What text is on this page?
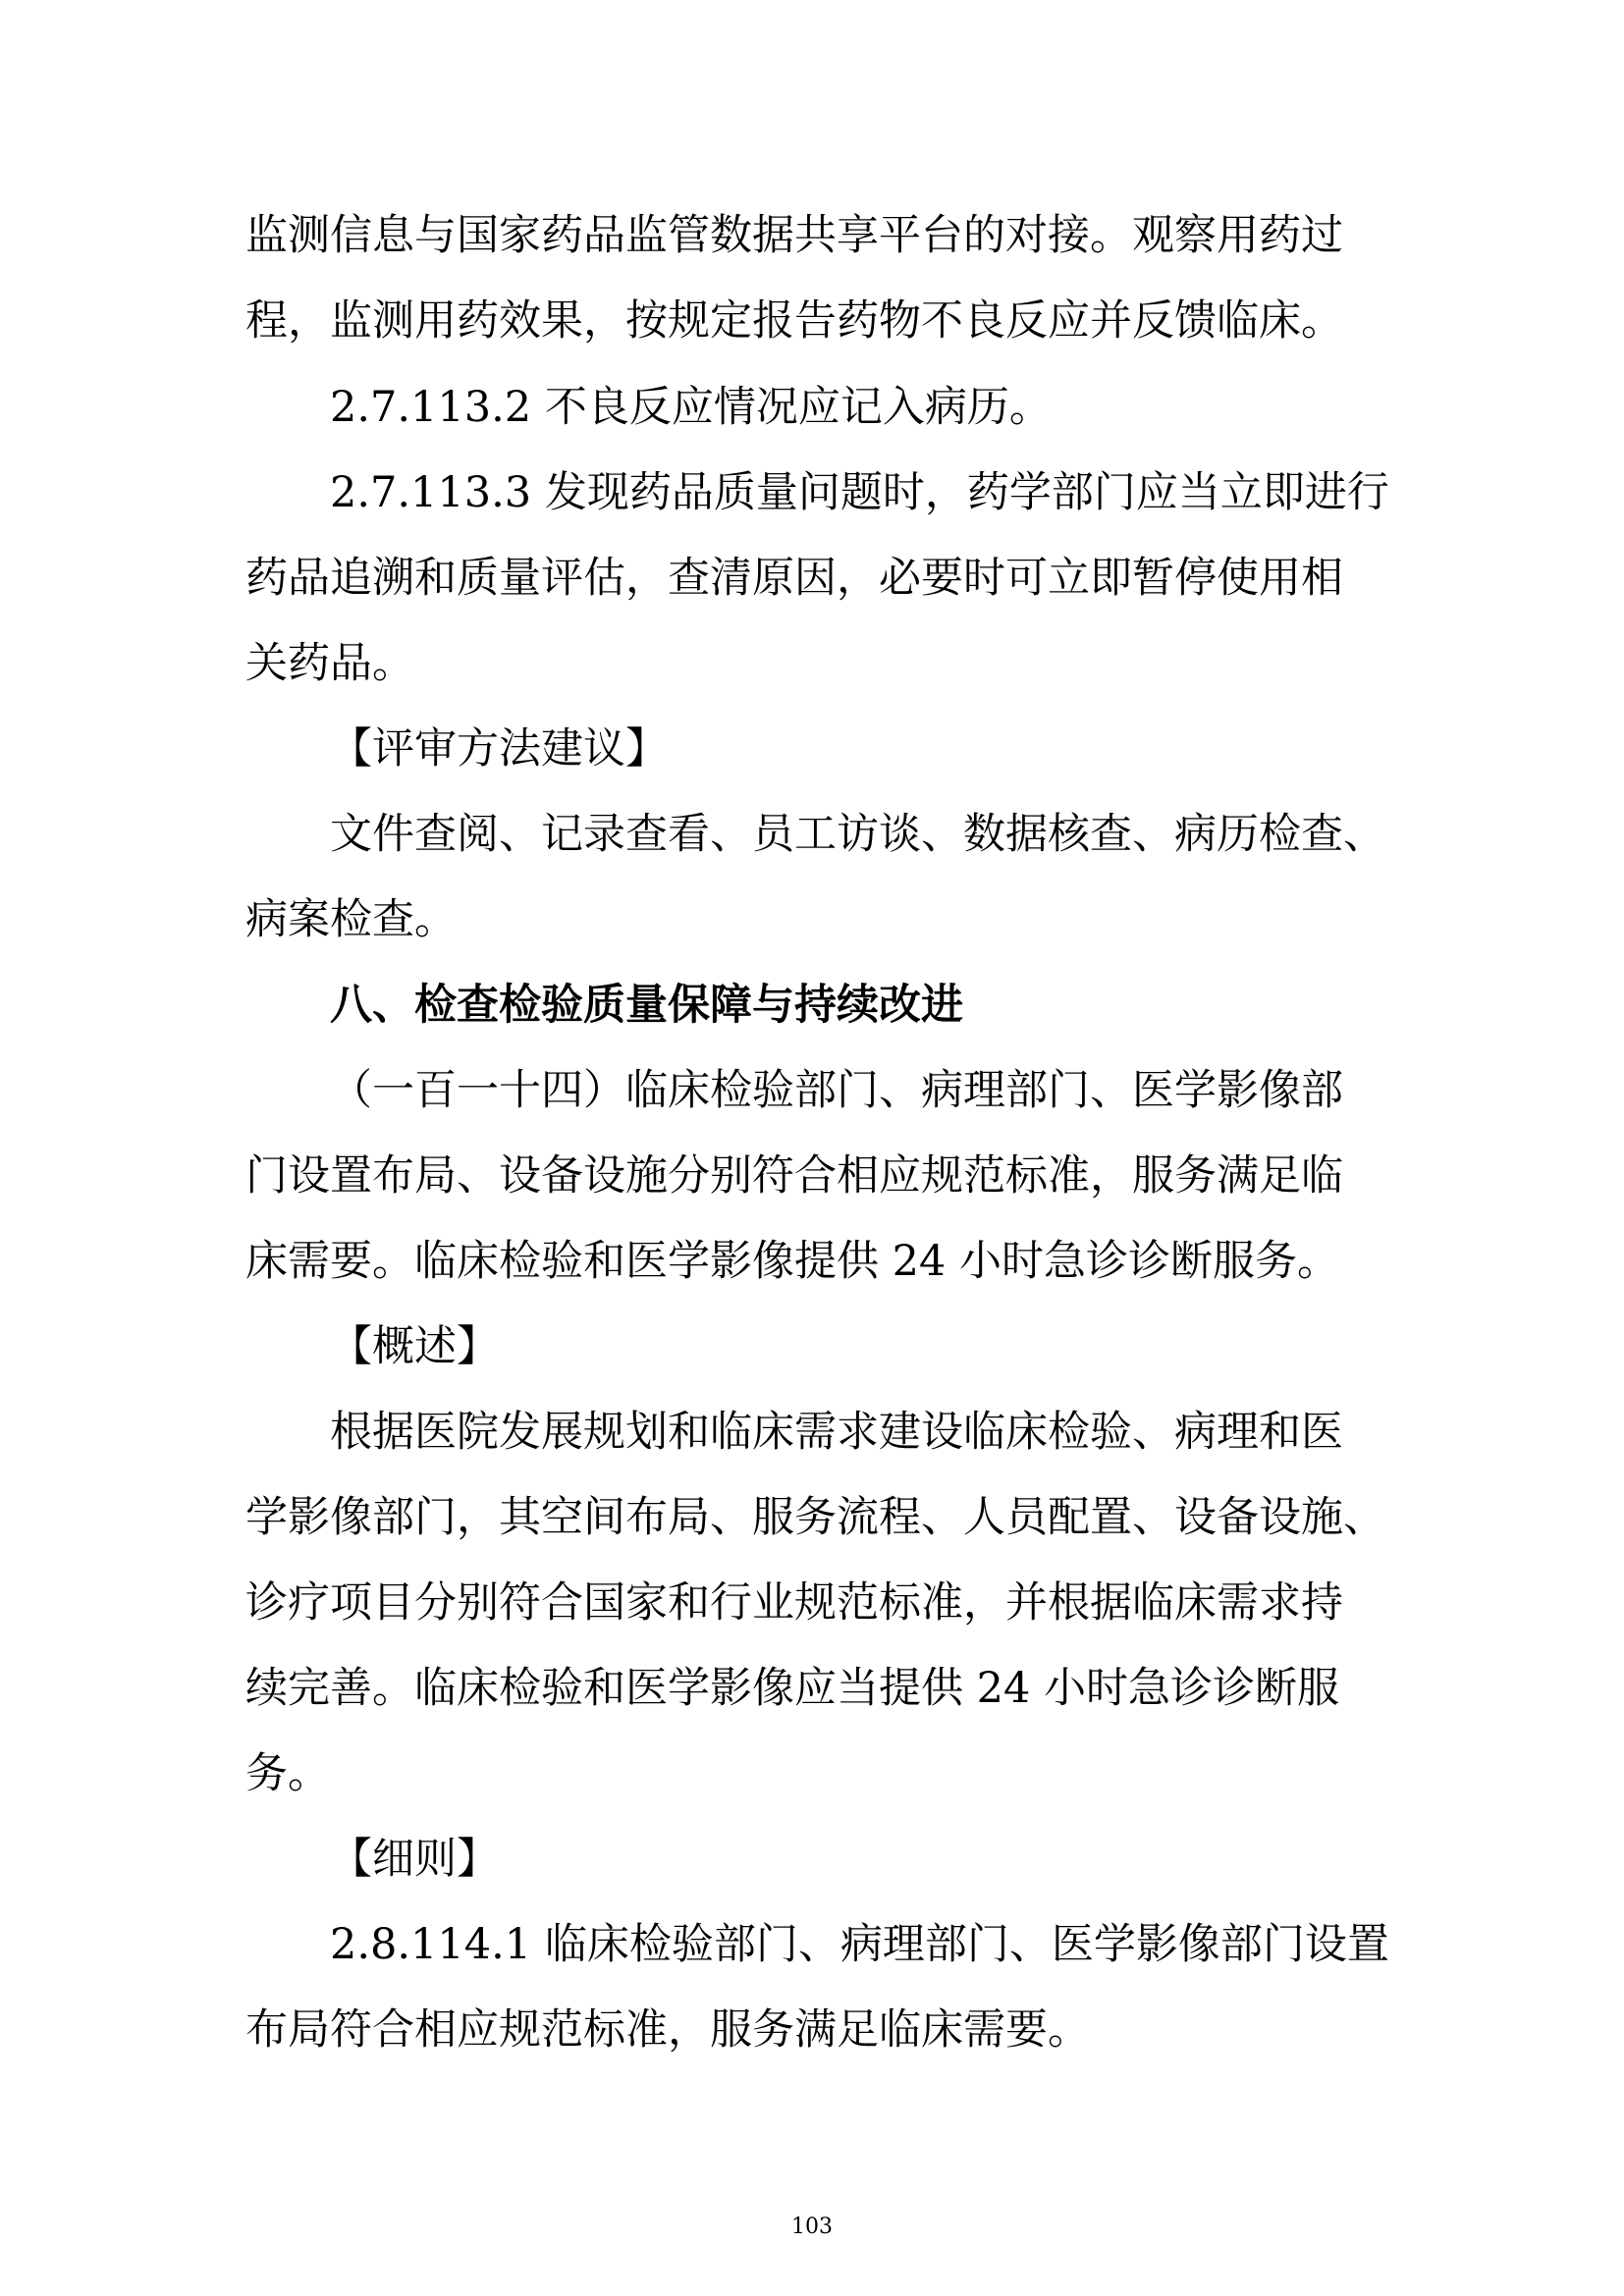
监测信息与国家药品监管数据共享平台的对接。观察用药过
程，监测用药效果，按规定报告药物不良反应并反馈临床。
2.7.113.2 不良反应情况应记入病历。
2.7.113.3 发现药品质量问题时，药学部门应当立即进行
药品追溯和质量评估，查清原因，必要时可立即暂停使用相
关药品。
【评审方法建议】
文件查阅、记录查看、员工访谈、数据核查、病历检查、
病案检查。
八、检查检验质量保障与持续改进
（一百一十四）临床检验部门、病理部门、医学影像部
门设置布局、设备设施分别符合相应规范标准，服务满足临
床需要。临床检验和医学影像提供 24 小时急诊诊断服务。
【概述】
根据医院发展规划和临床需求建设临床检验、病理和医
学影像部门，其空间布局、服务流程、人员配置、设备设施、
诊疗项目分别符合国家和行业规范标准，并根据临床需求持
续完善。临床检验和医学影像应当提供 24 小时急诊诊断服
务。
【细则】
2.8.114.1 临床检验部门、病理部门、医学影像部门设置
布局符合相应规范标准，服务满足临床需要。
103
